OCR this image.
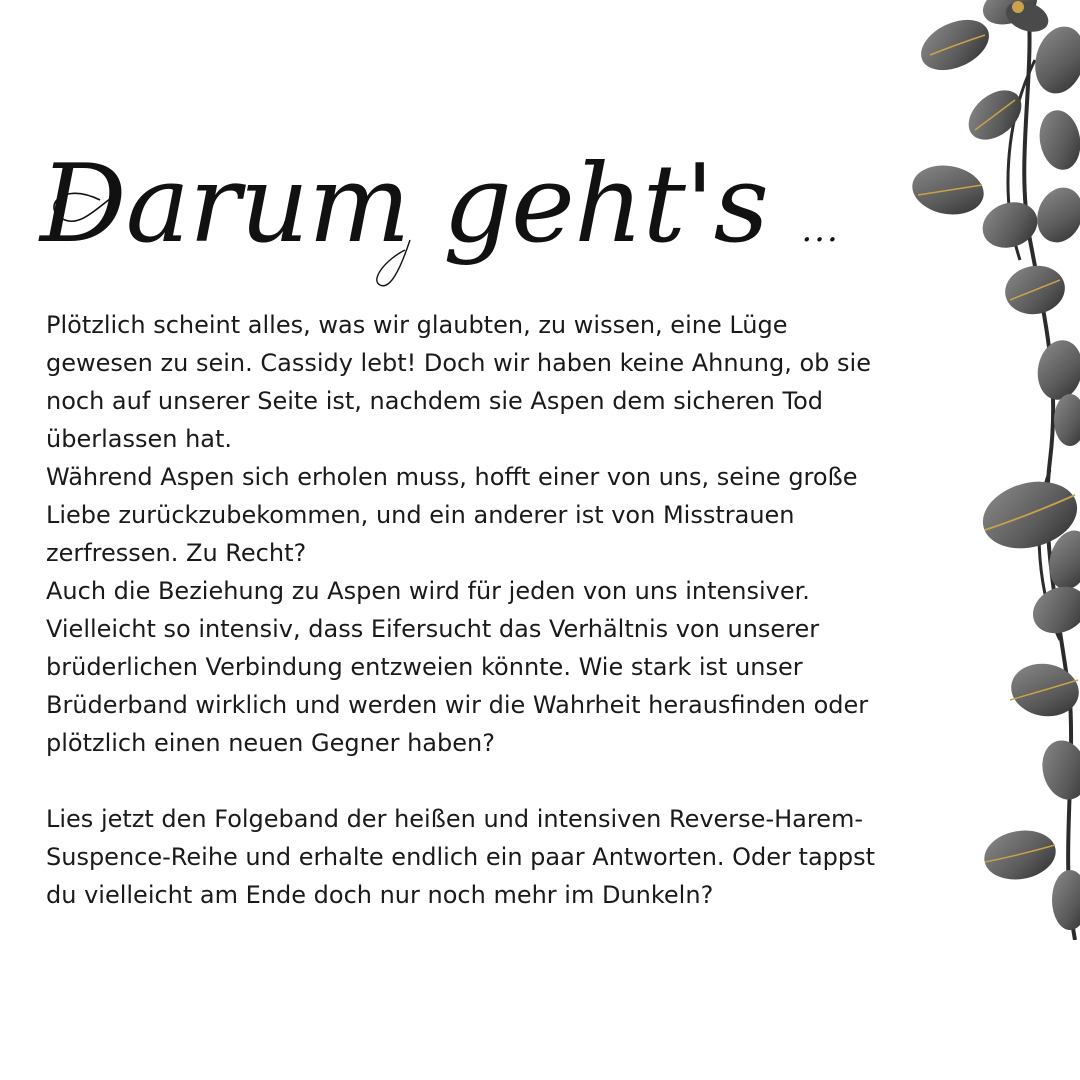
Darum geht's ...

Plötzlich scheint alles, was wir glaubten, zu wissen, eine Lüge gewesen zu sein. Cassidy lebt! Doch wir haben keine Ahnung, ob sie noch auf unserer Seite ist, nachdem sie Aspen dem sicheren Tod überlassen hat.

Während Aspen sich erholen muss, hofft einer von uns, seine große Liebe zurückzubekommen, und ein anderer ist von Misstrauen zerfressen. Zu Recht?

Auch die Beziehung zu Aspen wird für jeden von uns intensiver. Vielleicht so intensiv, dass Eifersucht das Verhältnis von unserer brüderlichen Verbindung entzweien könnte. Wie stark ist unser Brüderband wirklich und werden wir die Wahrheit herausfinden oder plötzlich einen neuen Gegner haben?

Lies jetzt den Folgeband der heißen und intensiven Reverse-Harem-Suspence-Reihe und erhalte endlich ein paar Antworten. Oder tappst du vielleicht am Ende doch nur noch mehr im Dunkeln?
